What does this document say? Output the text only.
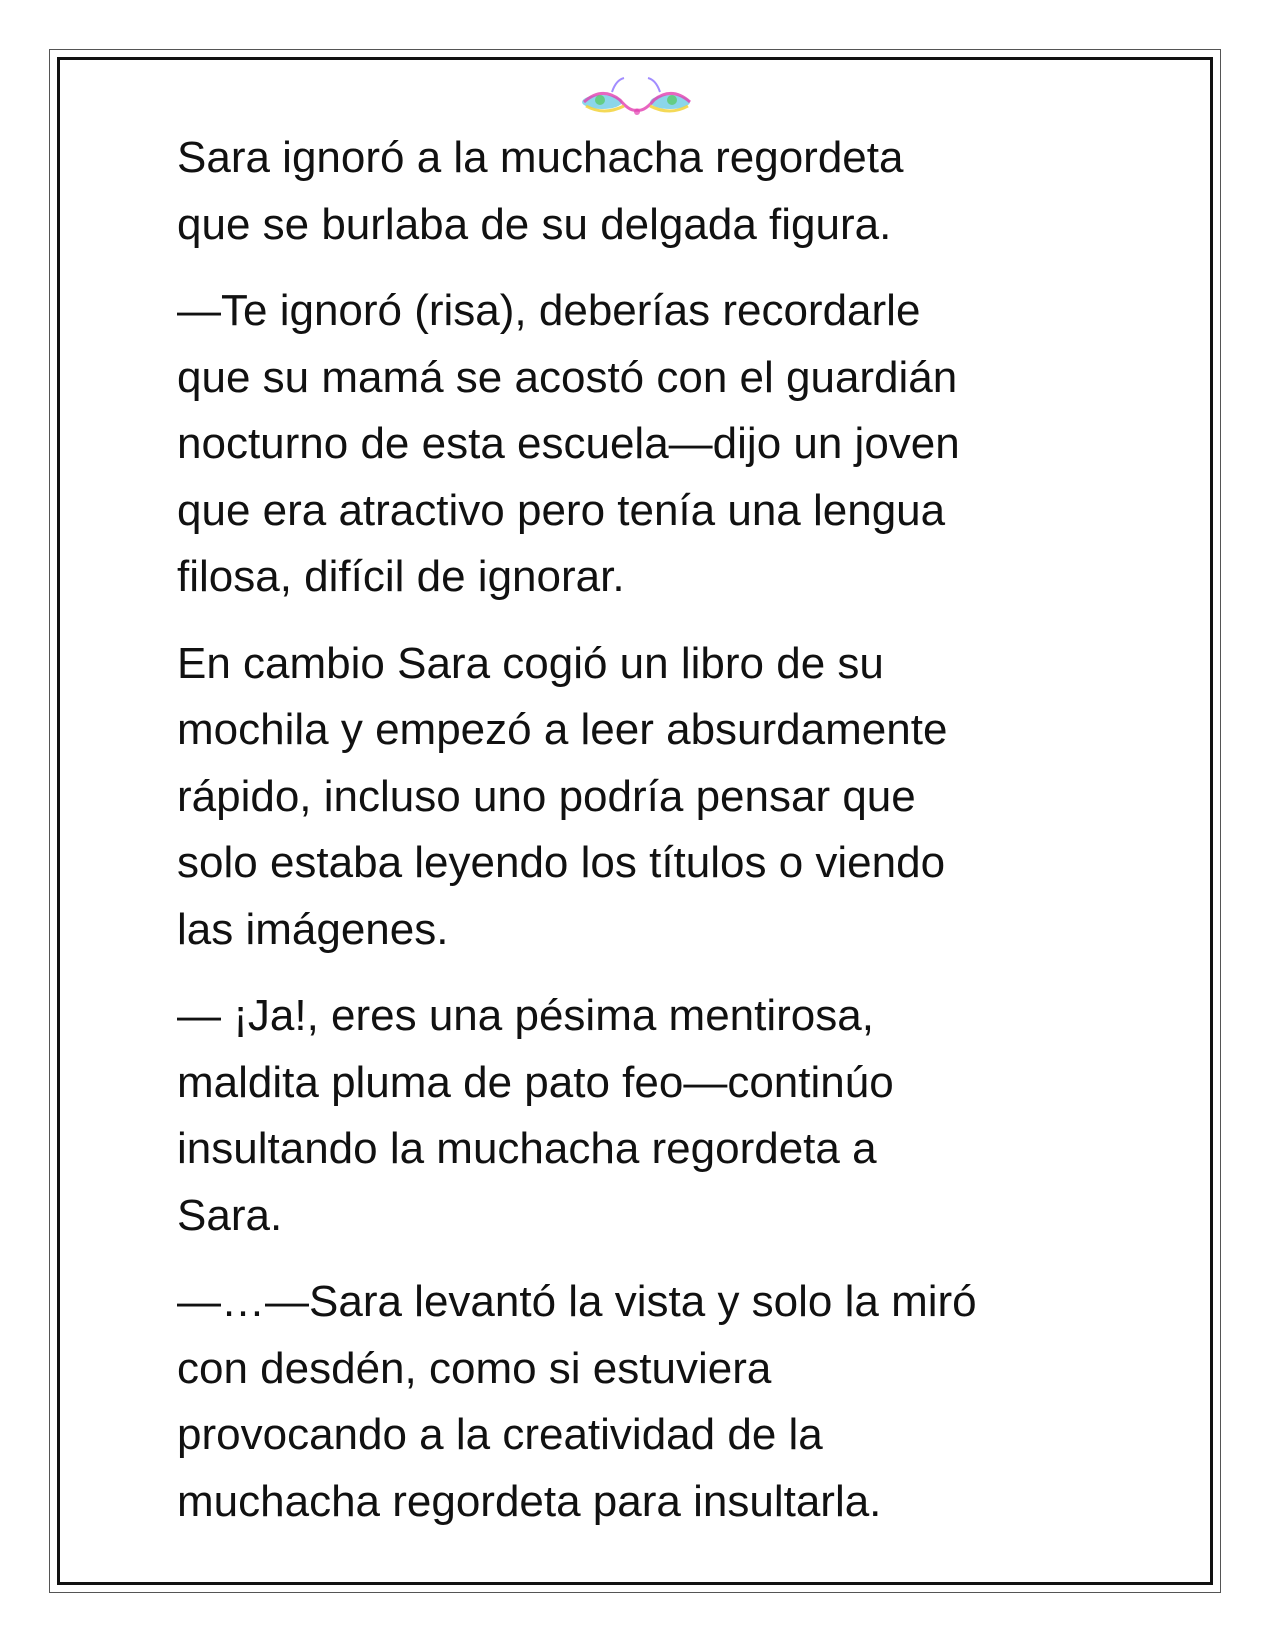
Sara ignoró a la muchacha regordeta
que se burlaba de su delgada figura.

—Te ignoró (risa), deberías recordarle
que su mamá se acostó con el guardián
nocturno de esta escuela—dijo un joven
que era atractivo pero tenía una lengua
filosa, difícil de ignorar.

En cambio Sara cogió un libro de su
mochila y empezó a leer absurdamente
rápido, incluso uno podría pensar que
solo estaba leyendo los títulos o viendo
las imágenes.

— ¡Ja!, eres una pésima mentirosa,
maldita pluma de pato feo—continúo
insultando la muchacha regordeta a
Sara.

—…—Sara levantó la vista y solo la miró
con desdén, como si estuviera
provocando a la creatividad de la
muchacha regordeta para insultarla.
